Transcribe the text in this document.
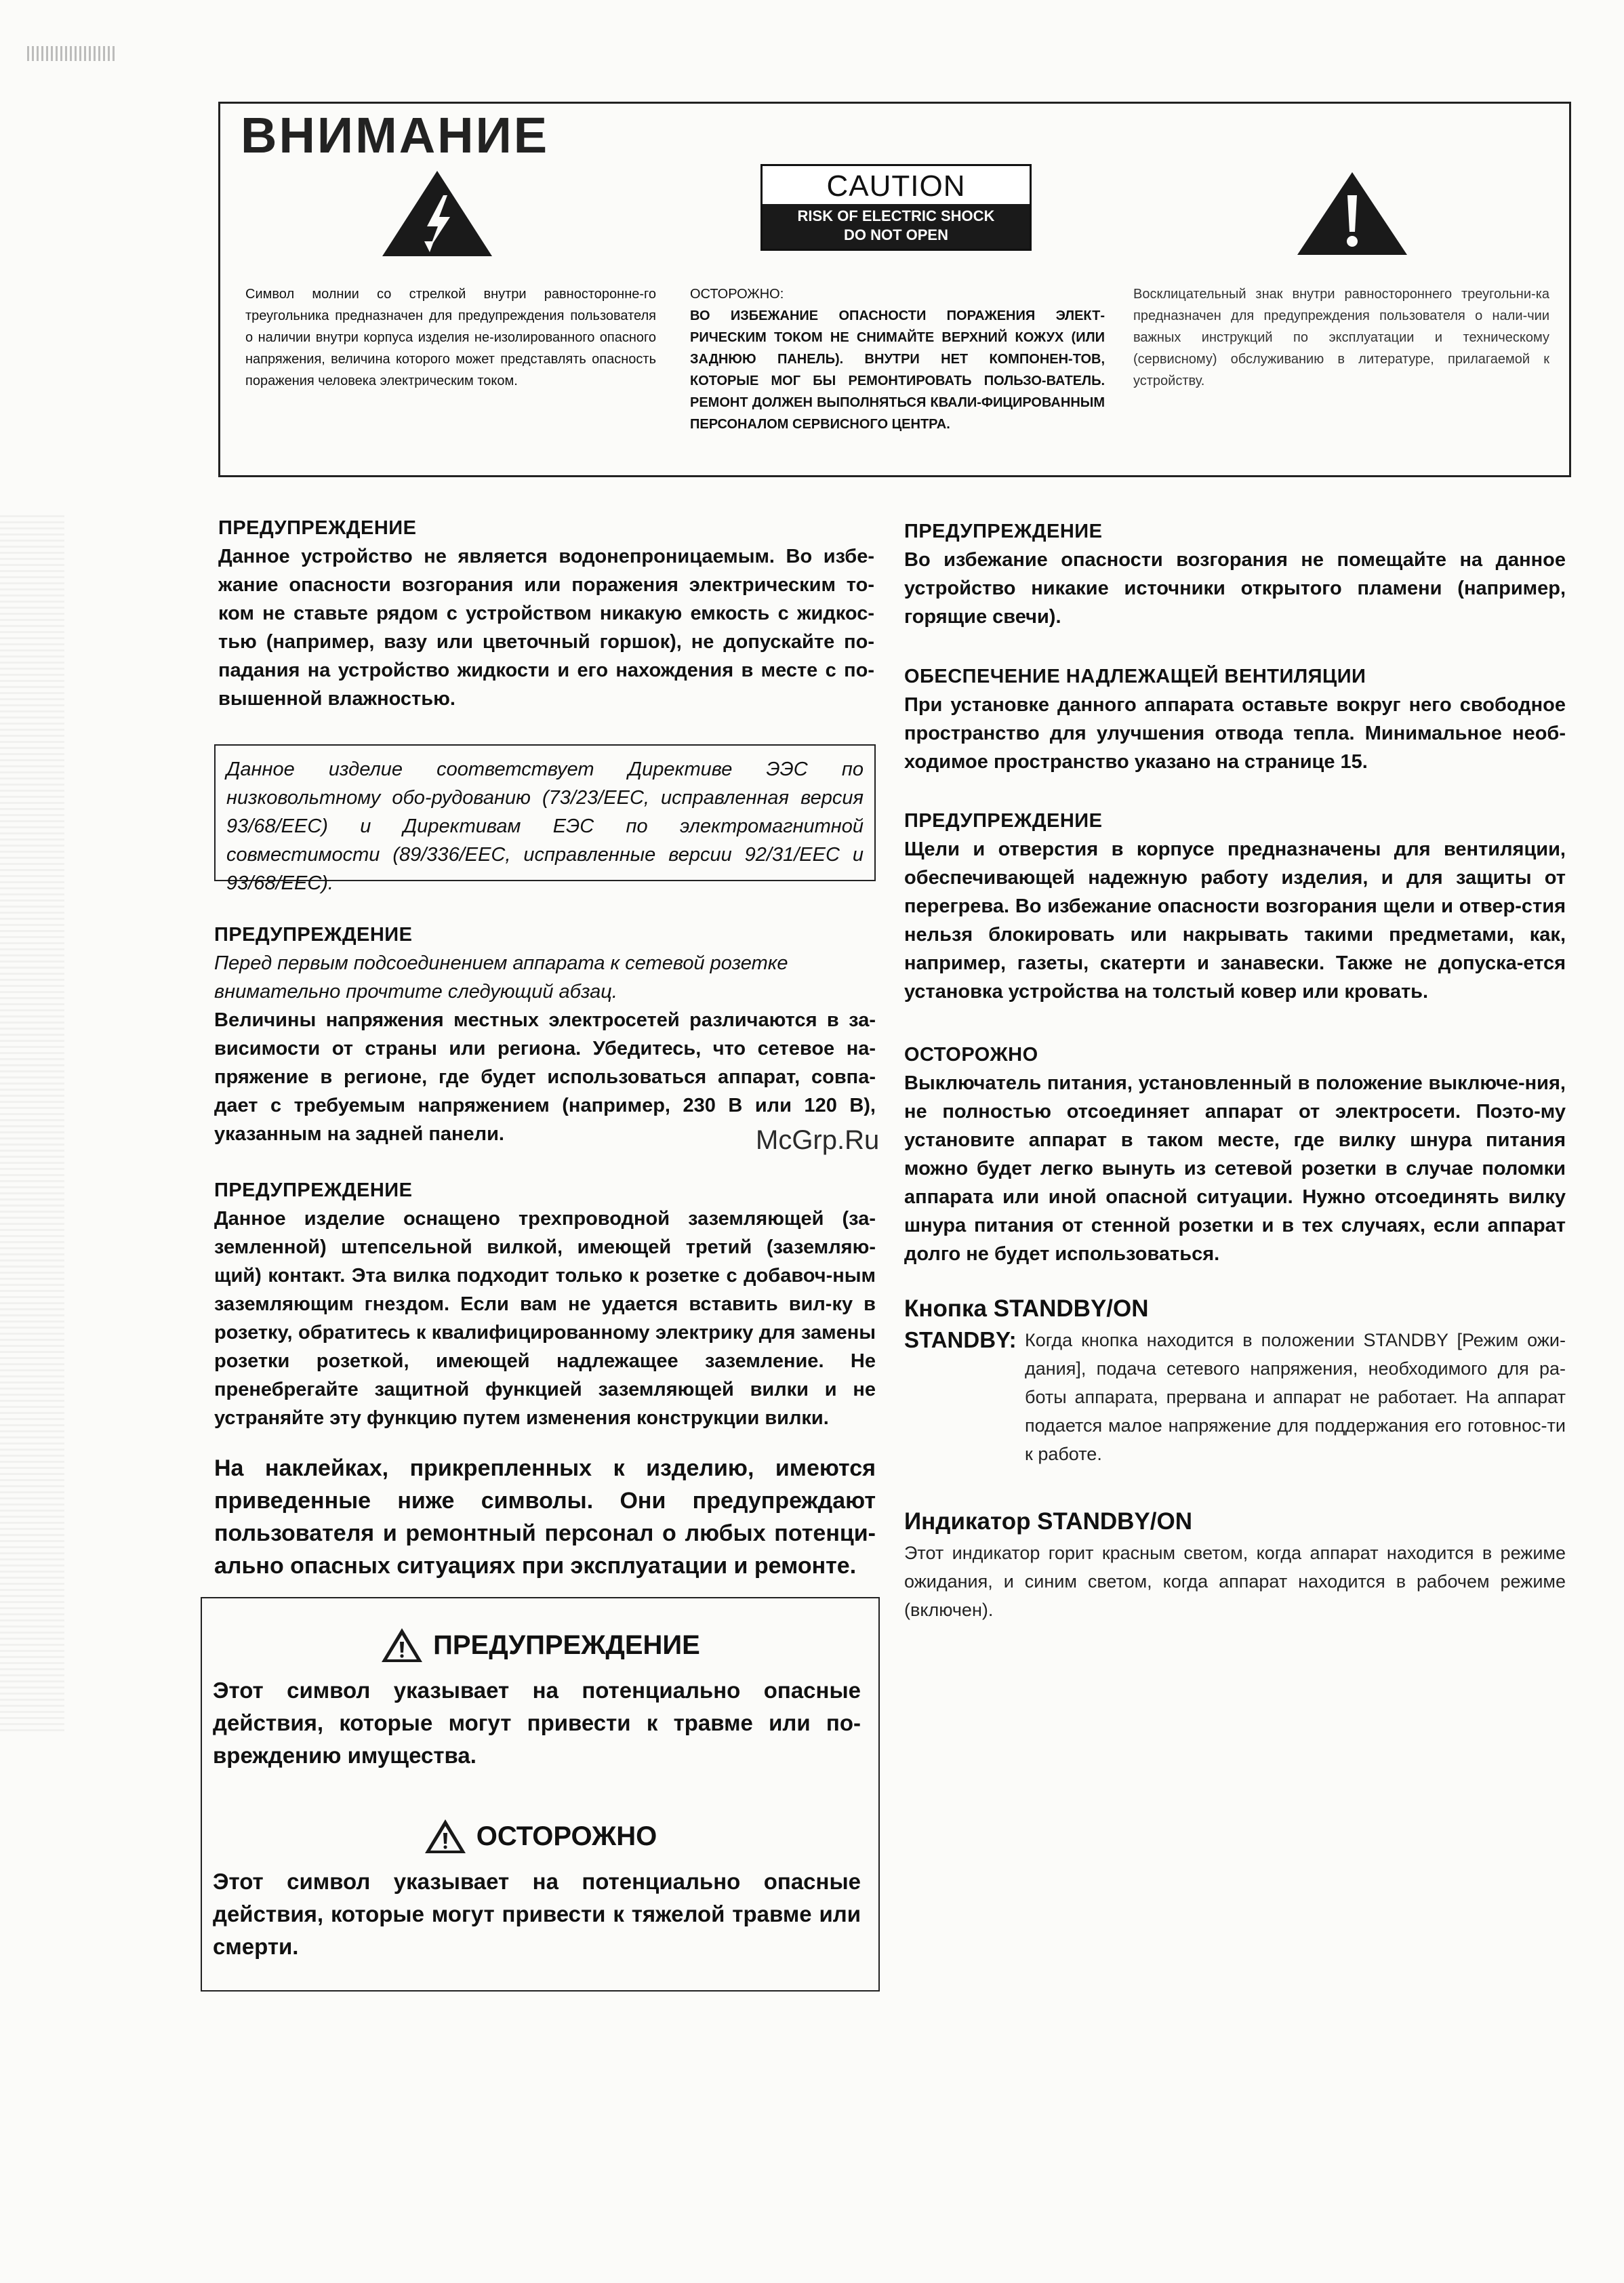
ВНИМАНИЕ
CAUTION
RISK OF ELECTRIC SHOCK
DO NOT OPEN
Символ молнии со стрелкой внутри равносторонне-го треугольника предназначен для предупреждения пользователя о наличии внутри корпуса изделия не-изолированного опасного напряжения, величина которого может представлять опасность поражения человека электрическим током.
ОСТОРОЖНО:
ВО ИЗБЕЖАНИЕ ОПАСНОСТИ ПОРАЖЕНИЯ ЭЛЕКТ-РИЧЕСКИМ ТОКОМ НЕ СНИМАЙТЕ ВЕРХНИЙ КОЖУХ (ИЛИ ЗАДНЮЮ ПАНЕЛЬ). ВНУТРИ НЕТ КОМПОНЕН-ТОВ, КОТОРЫЕ МОГ БЫ РЕМОНТИРОВАТЬ ПОЛЬЗО-ВАТЕЛЬ. РЕМОНТ ДОЛЖЕН ВЫПОЛНЯТЬСЯ КВАЛИ-ФИЦИРОВАННЫМ ПЕРСОНАЛОМ СЕРВИСНОГО ЦЕНТРА.
Восклицательный знак внутри равностороннего треугольни-ка предназначен для предупреждения пользователя о нали-чии важных инструкций по эксплуатации и техническому (сервисному) обслуживанию в литературе, прилагаемой к устройству.
ПРЕДУПРЕЖДЕНИЕ
Данное устройство не является водонепроницаемым. Во избе-жание опасности возгорания или поражения электрическим то-ком не ставьте рядом с устройством никакую емкость с жидкос-тью (например, вазу или цветочный горшок), не допускайте по-падания на устройство жидкости и его нахождения в месте с по-вышенной влажностью.
Данное изделие соответствует Директиве ЭЭС по низковольтному обо-рудованию (73/23/EEC, исправленная версия 93/68/EEC) и Директивам ЕЭС по электромагнитной совместимости (89/336/EEC, исправленные версии 92/31/EEC и 93/68/EEC).
ПРЕДУПРЕЖДЕНИЕ
Перед первым подсоединением аппарата к сетевой розетке внимательно прочтите следующий абзац.
Величины напряжения местных электросетей различаются в за-висимости от страны или региона. Убедитесь, что сетевое на-пряжение в регионе, где будет использоваться аппарат, совпа-дает с требуемым напряжением (например, 230 В или 120 В), указанным на задней панели.
ПРЕДУПРЕЖДЕНИЕ
Данное изделие оснащено трехпроводной заземляющей (за-земленной) штепсельной вилкой, имеющей третий (заземляю-щий) контакт. Эта вилка подходит только к розетке с добавоч-ным заземляющим гнездом. Если вам не удается вставить вил-ку в розетку, обратитесь к квалифицированному электрику для замены розетки розеткой, имеющей надлежащее заземление. Не пренебрегайте защитной функцией заземляющей вилки и не устраняйте эту функцию путем изменения конструкции вилки.
На наклейках, прикрепленных к изделию, имеются приведенные ниже символы. Они предупреждают пользователя и ремонтный персонал о любых потенци-ально опасных ситуациях при эксплуатации и ремонте.
ПРЕДУПРЕЖДЕНИЕ
Этот символ указывает на потенциально опасные действия, которые могут привести к травме или по-вреждению имущества.
ОСТОРОЖНО
Этот символ указывает на потенциально опасные действия, которые могут привести к тяжелой травме или смерти.
McGrp.Ru
ПРЕДУПРЕЖДЕНИЕ
Во избежание опасности возгорания не помещайте на данное устройство никакие источники открытого пламени (например, горящие свечи).
ОБЕСПЕЧЕНИЕ НАДЛЕЖАЩЕЙ ВЕНТИЛЯЦИИ
При установке данного аппарата оставьте вокруг него свободное пространство для улучшения отвода тепла. Минимальное необ-ходимое пространство указано на странице 15.
ПРЕДУПРЕЖДЕНИЕ
Щели и отверстия в корпусе предназначены для вентиляции, обеспечивающей надежную работу изделия, и для защиты от перегрева. Во избежание опасности возгорания щели и отвер-стия нельзя блокировать или накрывать такими предметами, как, например, газеты, скатерти и занавески. Также не допуска-ется установка устройства на толстый ковер или кровать.
ОСТОРОЖНО
Выключатель питания, установленный в положение выключе-ния, не полностью отсоединяет аппарат от электросети. Поэто-му установите аппарат в таком месте, где вилку шнура питания можно будет легко вынуть из сетевой розетки в случае поломки аппарата или иной опасной ситуации. Нужно отсоединять вилку шнура питания от стенной розетки и в тех случаях, если аппарат долго не будет использоваться.
Кнопка STANDBY/ON
STANDBY: Когда кнопка находится в положении STANDBY [Режим ожи-дания], подача сетевого напряжения, необходимого для ра-боты аппарата, прервана и аппарат не работает. На аппарат подается малое напряжение для поддержания его готовнос-ти к работе.
Индикатор STANDBY/ON
Этот индикатор горит красным светом, когда аппарат находится в режиме ожидания, и синим светом, когда аппарат находится в рабочем режиме (включен).
